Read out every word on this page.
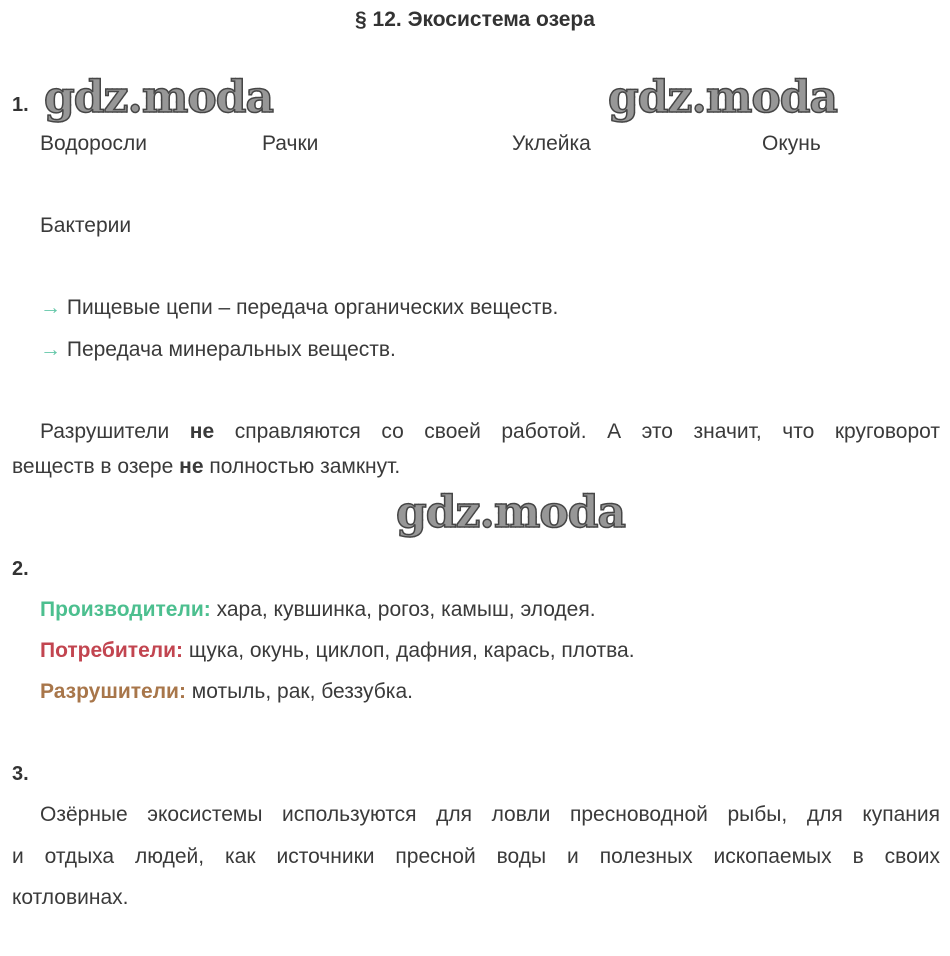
§ 12. Экосистема озера
1. gdz.moda	gdz.moda
Водоросли	Рачки	Уклейка	Окунь
Бактерии
→ Пищевые цепи – передача органических веществ.
→ Передача минеральных веществ.
Разрушители не справляются со своей работой. А это значит, что круговорот
веществ в озере не полностью замкнут.
gdz.moda
2.
Производители: хара, кувшинка, рогоз, камыш, элодея.
Потребители: щука, окунь, циклоп, дафния, карась, плотва.
Разрушители: мотыль, рак, беззубка.
3.
Озёрные экосистемы используются для ловли пресноводной рыбы, для купания
и отдыха людей, как источники пресной воды и полезных ископаемых в своих
котловинах.
